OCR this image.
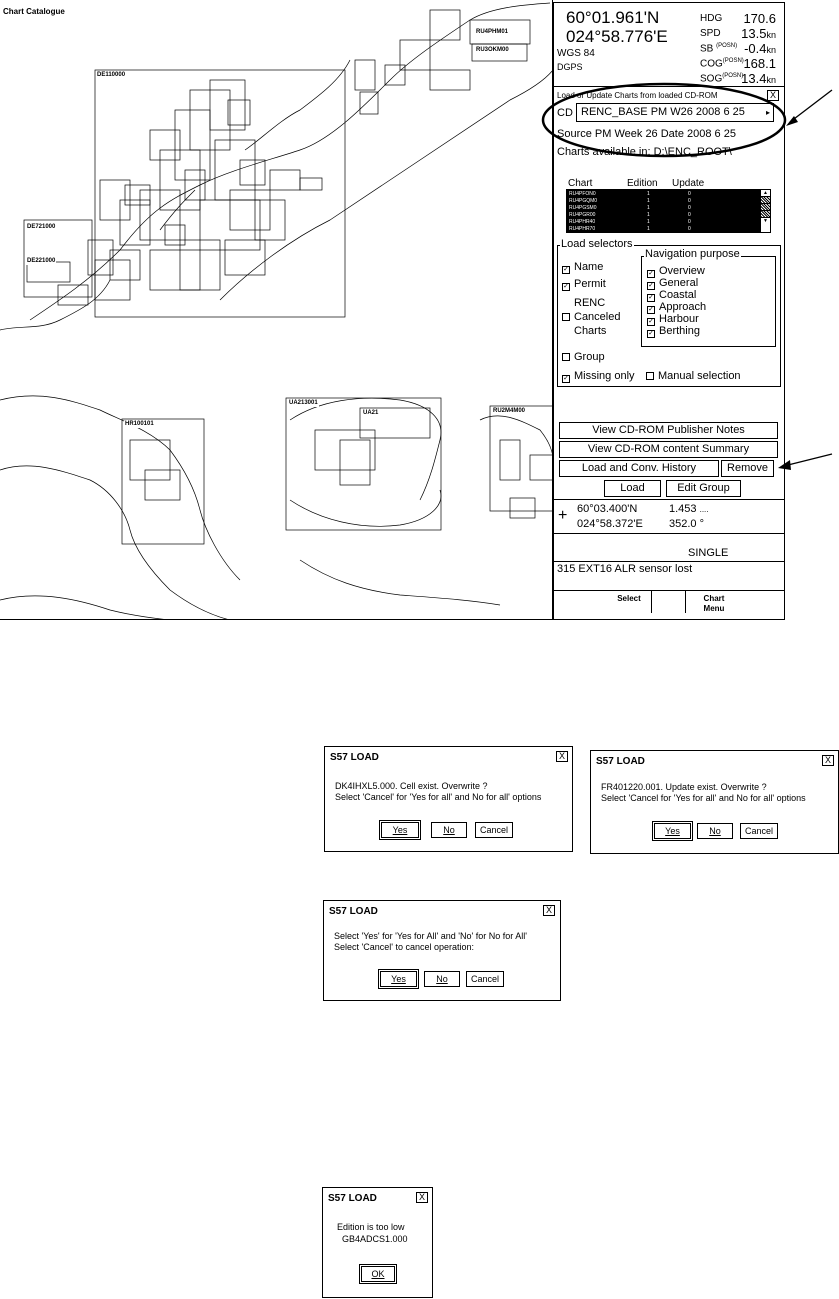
Chart Catalogue
DE110000
DE721000
DE221000
RU4PHM01
RU3OKM00
HR100101
UA213001
UA21	RU2M4M00
60°01.961'N
024°58.776'E
WGS 84
DGPS
HDG 170.6
SPD 13.5kn
SB $^{(POSN)}$ -0.4kn
$COG^{(POSN)}$ 168.1
$SOG^{(POSN)}$
13.4kn
Load or Update Charts from loaded CD-ROM	X
CD RENC_BASE PM W26 2008 6 25	▸
Source PM Week 26 Date 2008 6 25
Charts available in: D:\ENC_ROOT\
Chart	Edition Update
RU4PFON0	1	0
RU4PGQM0	1	0
RU4PGSM0	1	0
RU4PGR00	1	0
RU4PHR40	1	0
RU4PHR70	1	0
▲
▼
Load selectors
✓ Name
✓ Permit
RENC
Canceled
Charts
Group
✓ Missing only	Manual selection
Navigation purpose
✓ Overview
✓ General
✓ Coastal
✓ Approach
✓ Harbour
✓ Berthing
View CD-ROM Publisher Notes
View CD-ROM content Summary
Load and Conv. History	Remove
Load	Edit Group
+ 60°03.400'N
024°58.372'E
1.453 ....
352.0 °
SINGLE
315 EXT16 ALR sensor lost
Select	Chart
Menu
S57 LOAD	X
DK4IHXL5.000. Cell exist. Overwrite ?
Select 'Cancel' for 'Yes for all' and No for all' options
Yes	No	Cancel
S57 LOAD	X
FR401220.001. Update exist. Overwrite ?
Select 'Cancel for 'Yes for all' and No for all' options
Yes	No	Cancel
S57 LOAD	X
Select 'Yes' for 'Yes for All' and 'No' for No for All'
Select 'Cancel' to cancel operation:
Yes	No	Cancel
S57 LOAD	X
Edition is too low
GB4ADCS1.000
OK
